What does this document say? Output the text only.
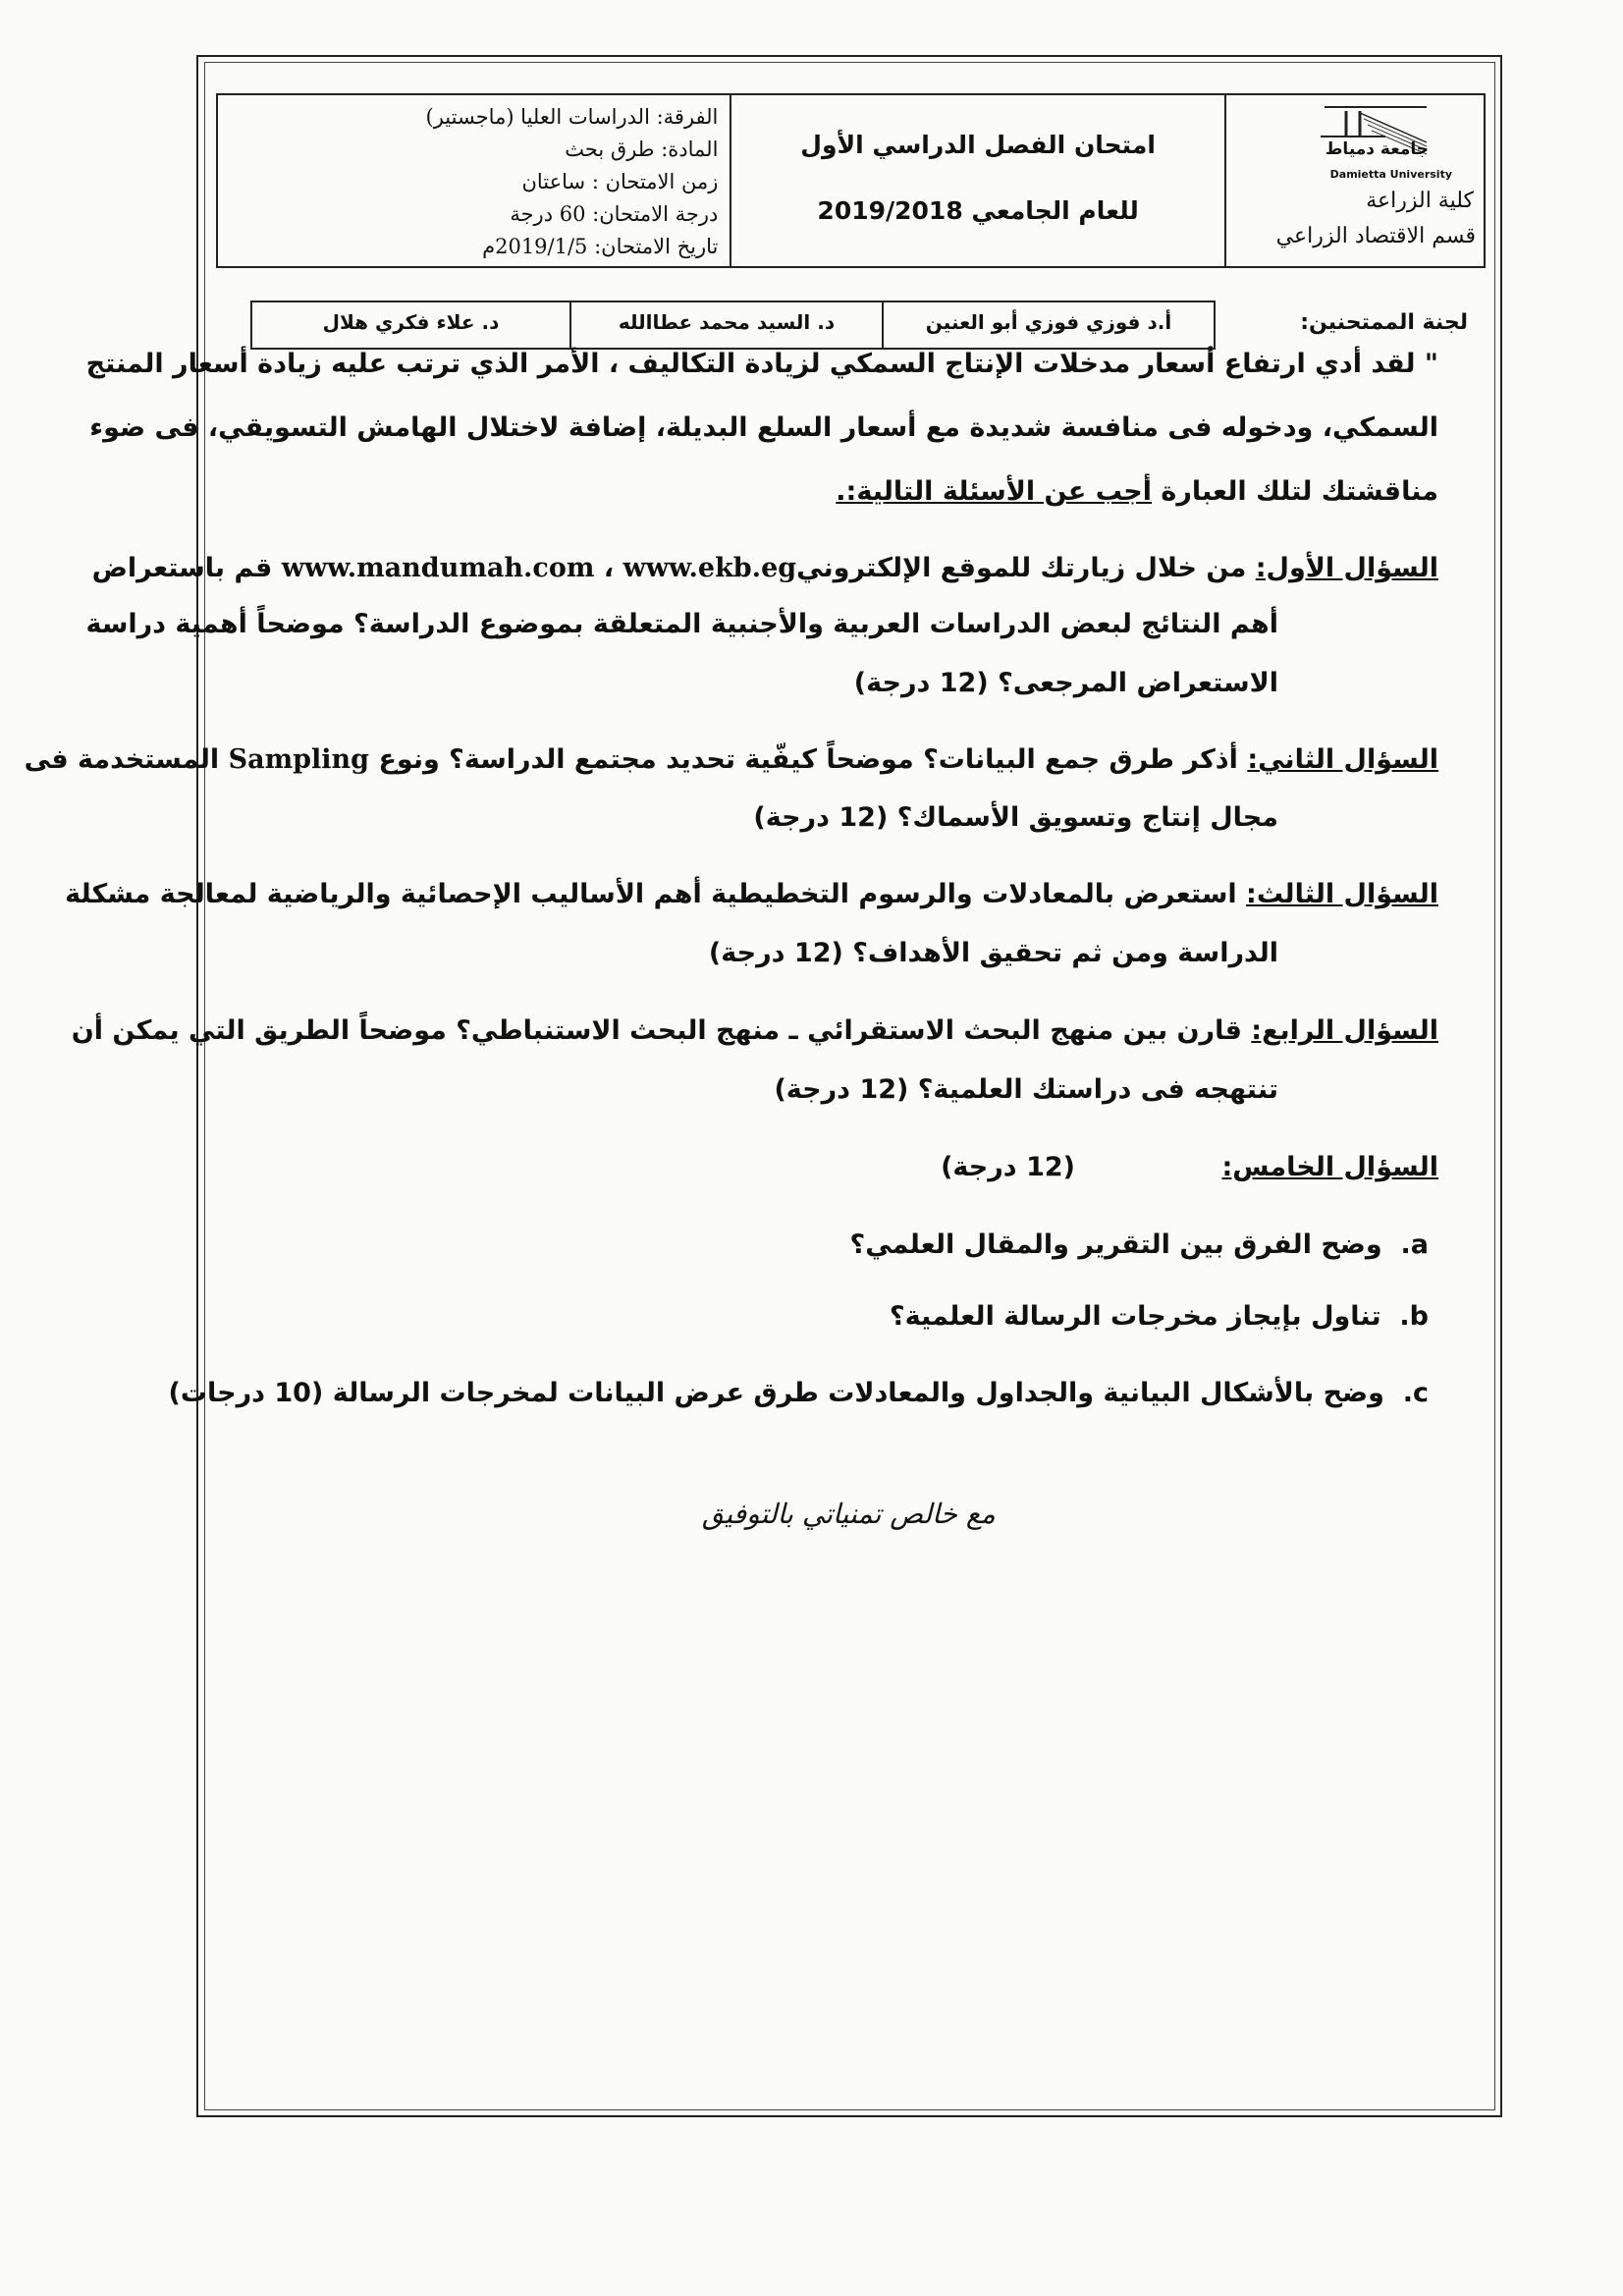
الفرقة: الدراسات العليا (ماجستير)
المادة: طرق بحث
زمن الامتحان : ساعتان
درجة الامتحان: 60 درجة
تاريخ الامتحان: 2019/1/5م
امتحان الفصل الدراسي الأول
للعام الجامعي 2019/2018
جامعة دمياط
Damietta University
كلية الزراعة
قسم الاقتصاد الزراعي
لجنة الممتحنين:
أ.د فوزي فوزي أبو العنين
د. السيد محمد عطاالله
د. علاء فكري هلال
" لقد أدي ارتفاع أسعار مدخلات الإنتاج السمكي لزيادة التكاليف ، الأمر الذي ترتب عليه زيادة أسعار المنتج
السمكي، ودخوله فى منافسة شديدة مع أسعار السلع البديلة، إضافة لاختلال الهامش التسويقي، فى ضوء
مناقشتك لتلك العبارة أجب عن الأسئلة التالية:.
السؤال الأول: من خلال زيارتك للموقع الإلكترونيwww.mandumah.com ، www.ekb.eg قم باستعراض
أهم النتائج لبعض الدراسات العربية والأجنبية المتعلقة بموضوع الدراسة؟ موضحاً أهمية دراسة
الاستعراض المرجعى؟ (12 درجة)
السؤال الثاني: أذكر طرق جمع البيانات؟ موضحاً كيفّية تحديد مجتمع الدراسة؟ ونوع Sampling المستخدمة فى
مجال إنتاج وتسويق الأسماك؟ (12 درجة)
السؤال الثالث: استعرض بالمعادلات والرسوم التخطيطية أهم الأساليب الإحصائية والرياضية لمعالجة مشكلة
الدراسة ومن ثم تحقيق الأهداف؟ (12 درجة)
السؤال الرابع: قارن بين منهج البحث الاستقرائي ـ منهج البحث الاستنباطي؟ موضحاً الطريق التي يمكن أن
تنتهجه فى دراستك العلمية؟ (12 درجة)
السؤال الخامس:
(12 درجة)
a.  وضح الفرق بين التقرير والمقال العلمي؟
b.  تناول بإيجاز مخرجات الرسالة العلمية؟
c.  وضح بالأشكال البيانية والجداول والمعادلات طرق عرض البيانات لمخرجات الرسالة (10 درجات)
مع خالص تمنياتي بالتوفيق
